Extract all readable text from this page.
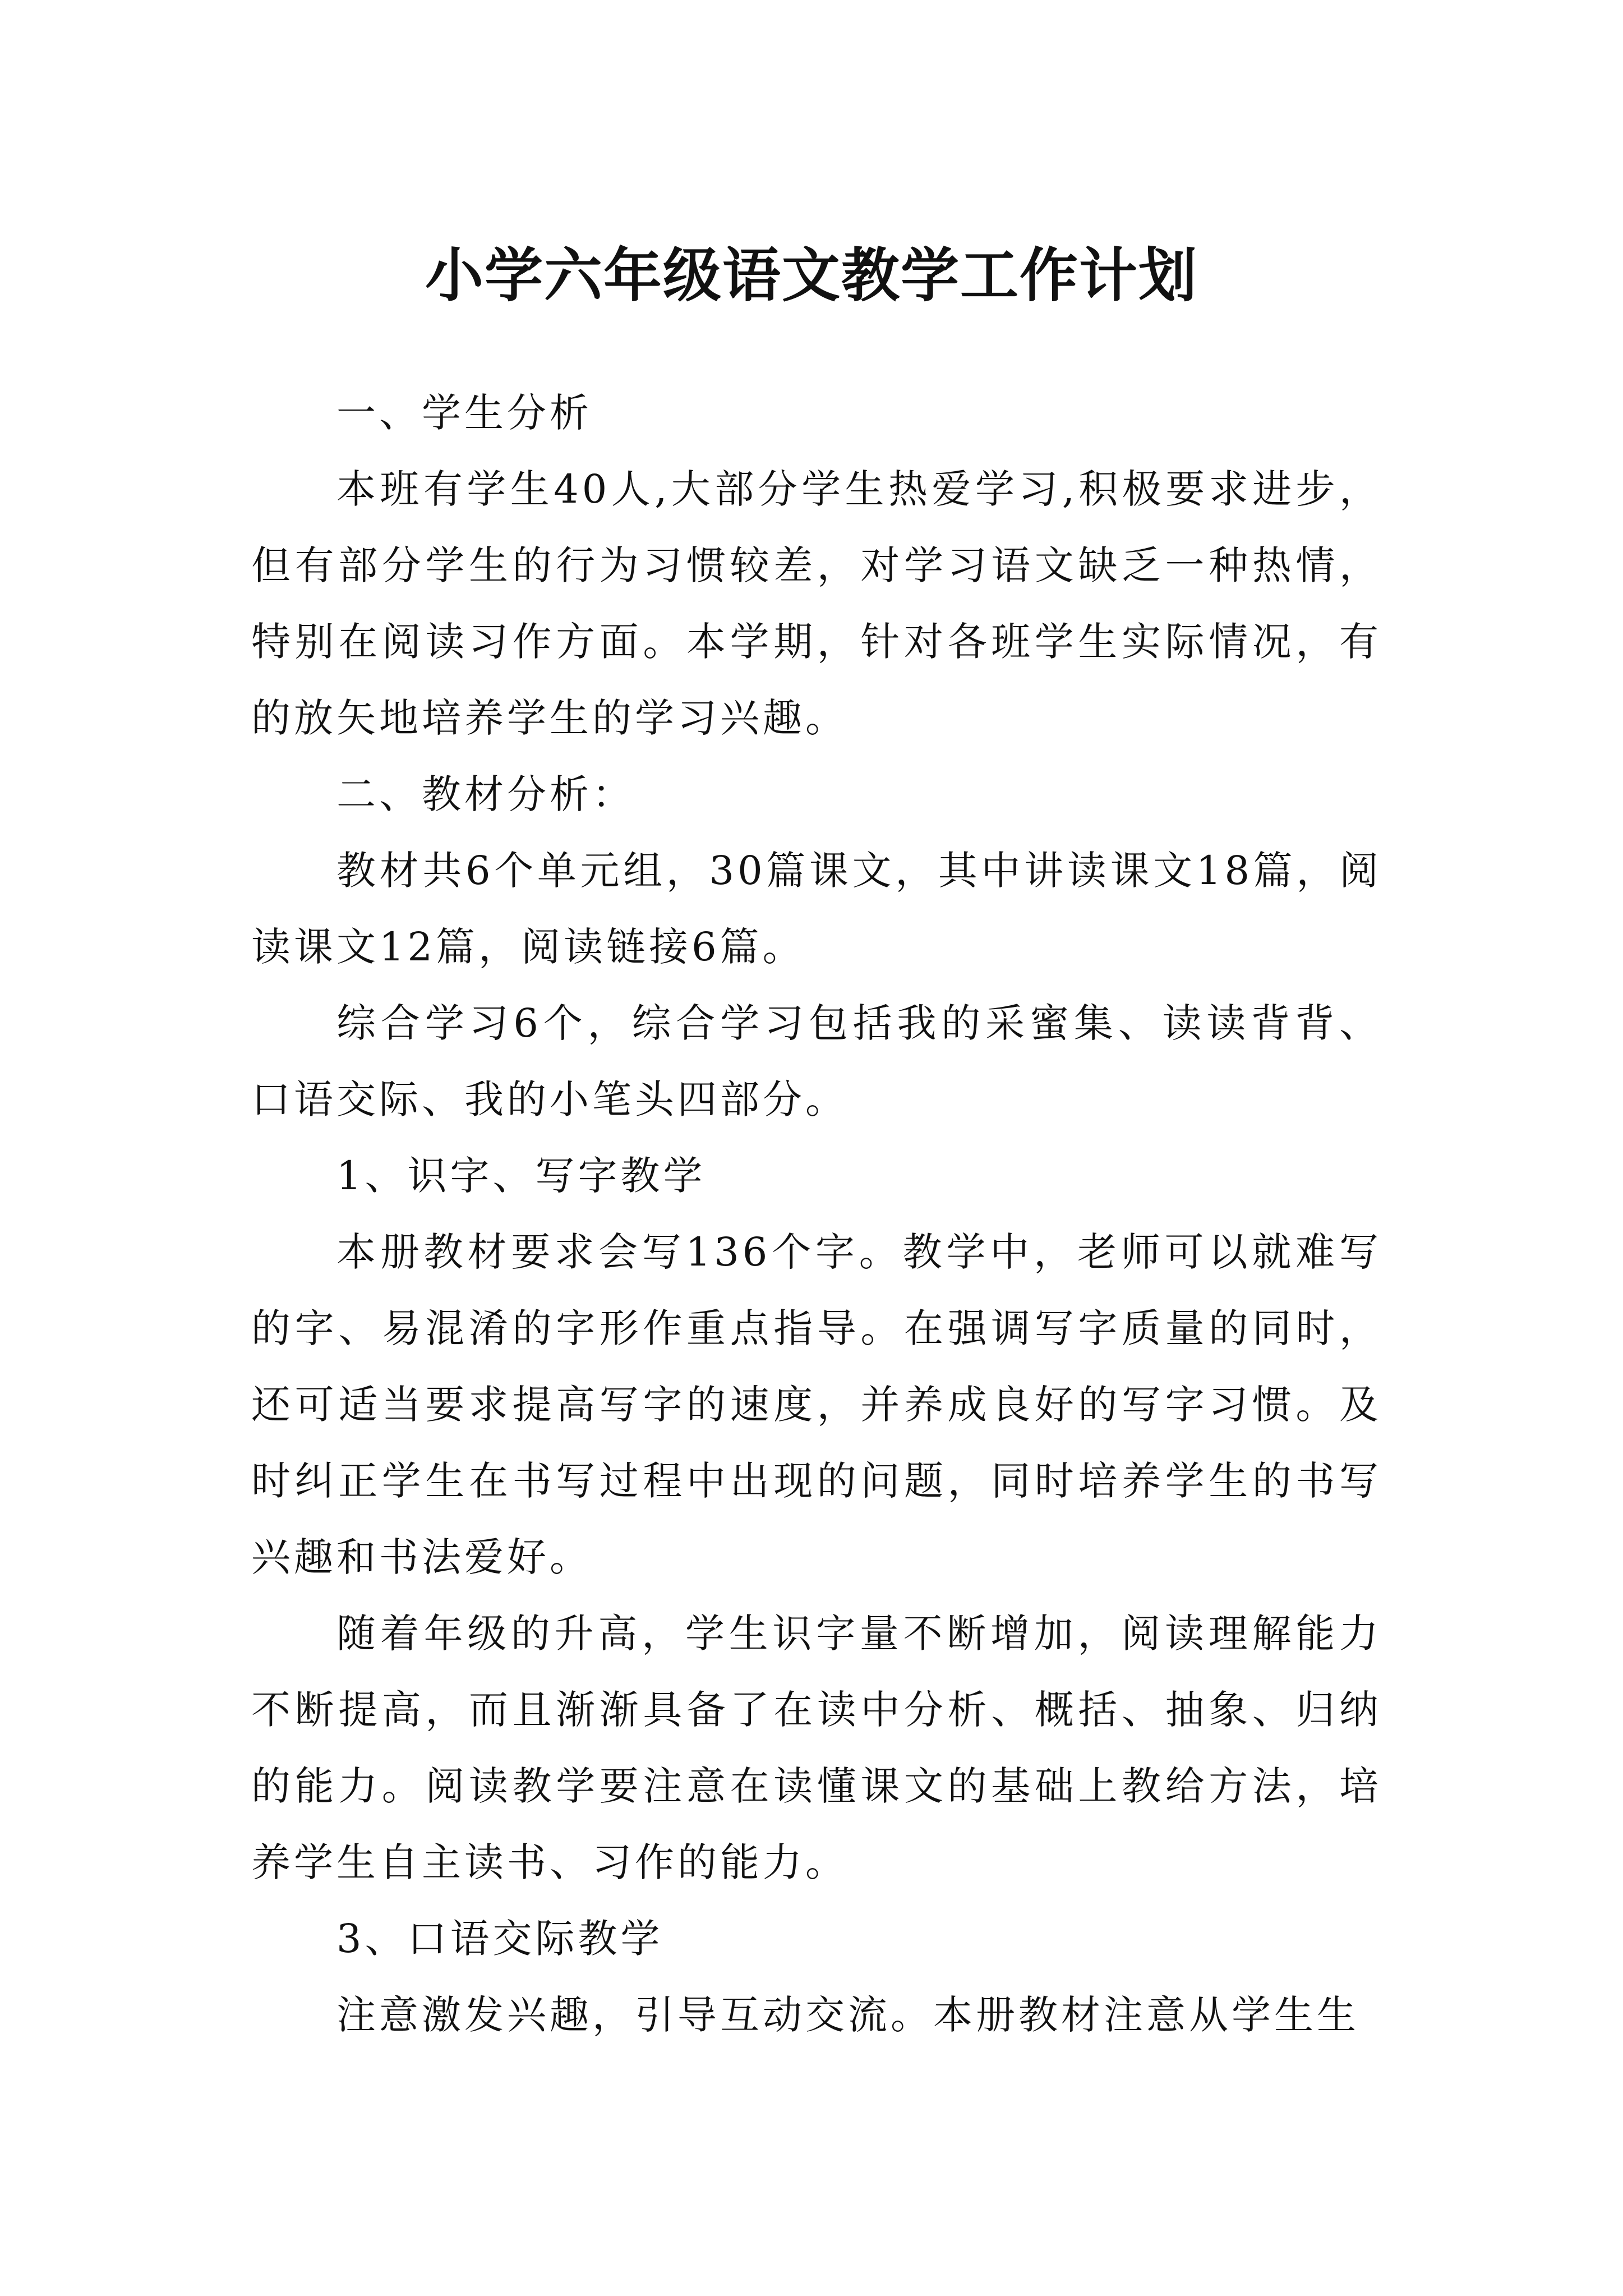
小学六年级语文教学工作计划

一、学生分析

本班有学生40人,大部分学生热爱学习,积极要求进步，但有部分学生的行为习惯较差，对学习语文缺乏一种热情，特别在阅读习作方面。本学期，针对各班学生实际情况，有的放矢地培养学生的学习兴趣。

二、教材分析：

教材共6个单元组，30篇课文，其中讲读课文18篇，阅读课文12篇，阅读链接6篇。

综合学习6个，综合学习包括我的采蜜集、读读背背、口语交际、我的小笔头四部分。

1、识字、写字教学

本册教材要求会写136个字。教学中，老师可以就难写的字、易混淆的字形作重点指导。在强调写字质量的同时，还可适当要求提高写字的速度，并养成良好的写字习惯。及时纠正学生在书写过程中出现的问题，同时培养学生的书写兴趣和书法爱好。

随着年级的升高，学生识字量不断增加，阅读理解能力不断提高，而且渐渐具备了在读中分析、概括、抽象、归纳的能力。阅读教学要注意在读懂课文的基础上教给方法，培养学生自主读书、习作的能力。

3、口语交际教学

注意激发兴趣，引导互动交流。本册教材注意从学生生
